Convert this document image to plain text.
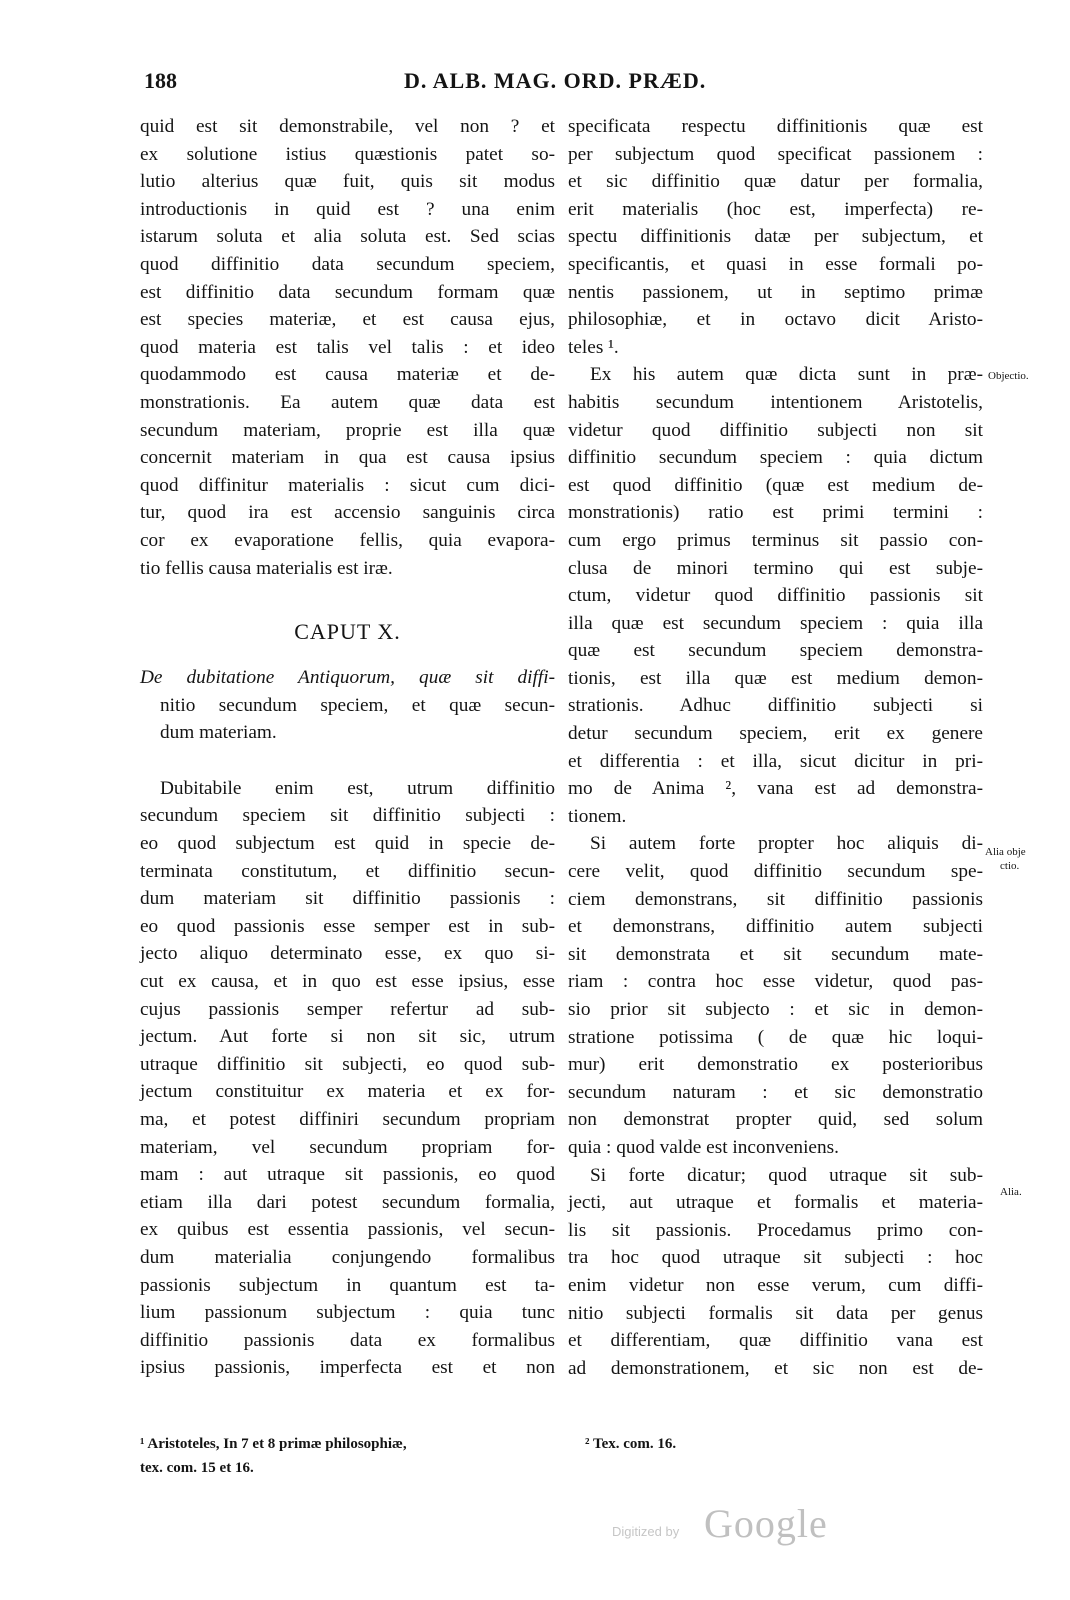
188	D. ALB. MAG. ORD. PRÆD.
quid est sit demonstrabile, vel non ? et
ex solutione istius quæstionis patet so-
lutio alterius quæ fuit, quis sit modus
introductionis in quid est ? una enim
istarum soluta et alia soluta est. Sed scias
quod diffinitio data secundum speciem,
est diffinitio data secundum formam quæ
est species materiæ, et est causa ejus,
quod materia est talis vel talis : et ideo
quodammodo est causa materiæ et de-
monstrationis. Ea autem quæ data est
secundum materiam, proprie est illa quæ
concernit materiam in qua est causa ipsius
quod diffinitur materialis : sicut cum dici-
tur, quod ira est accensio sanguinis circa
cor ex evaporatione fellis, quia evapora-
tio fellis causa materialis est iræ.
CAPUT X.
De dubitatione Antiquorum, quæ sit diffi-
nitio secundum speciem, et quæ secun-
dum materiam.
Dubitabile enim est, utrum diffinitio
secundum speciem sit diffinitio subjecti :
eo quod subjectum est quid in specie de-
terminata constitutum, et diffinitio secun-
dum materiam sit diffinitio passionis :
eo quod passionis esse semper est in sub-
jecto aliquo determinato esse, ex quo si-
cut ex causa, et in quo est esse ipsius, esse
cujus passionis semper refertur ad sub-
jectum. Aut forte si non sit sic, utrum
utraque diffinitio sit subjecti, eo quod sub-
jectum constituitur ex materia et ex for-
ma, et potest diffiniri secundum propriam
materiam, vel secundum propriam for-
mam : aut utraque sit passionis, eo quod
etiam illa dari potest secundum formalia,
ex quibus est essentia passionis, vel secun-
dum materialia conjungendo formalibus
passionis subjectum in quantum est ta-
lium passionum subjectum : quia tunc
diffinitio passionis data ex formalibus
ipsius passionis, imperfecta est et non
specificata respectu diffinitionis quæ est
per subjectum quod specificat passionem :
et sic diffinitio quæ datur per formalia,
erit materialis (hoc est, imperfecta) re-
spectu diffinitionis datæ per subjectum, et
specificantis, et quasi in esse formali po-
nentis passionem, ut in septimo primæ
philosophiæ, et in octavo dicit Aristo-
teles ¹.
Ex his autem quæ dicta sunt in præ-
habitis secundum intentionem Aristotelis,
videtur quod diffinitio subjecti non sit
diffinitio secundum speciem : quia dictum
est quod diffinitio (quæ est medium de-
monstrationis) ratio est primi termini :
cum ergo primus terminus sit passio con-
clusa de minori termino qui est subje-
ctum, videtur quod diffinitio passionis sit
illa quæ est secundum speciem : quia illa
quæ est secundum speciem demonstra-
tionis, est illa quæ est medium demon-
strationis. Adhuc diffinitio subjecti si
detur secundum speciem, erit ex genere
et differentia : et illa, sicut dicitur in pri-
mo de Anima ², vana est ad demonstra-
tionem.
Si autem forte propter hoc aliquis di-
cere velit, quod diffinitio secundum spe-
ciem demonstrans, sit diffinitio passionis
et demonstrans, diffinitio autem subjecti
sit demonstrata et sit secundum mate-
riam : contra hoc esse videtur, quod pas-
sio prior sit subjecto : et sic in demon-
stratione potissima ( de quæ hic loqui-
mur) erit demonstratio ex posterioribus
secundum naturam : et sic demonstratio
non demonstrat propter quid, sed solum
quia : quod valde est inconveniens.
Si forte dicatur; quod utraque sit sub-
jecti, aut utraque et formalis et materia-
lis sit passionis. Procedamus primo con-
tra hoc quod utraque sit subjecti : hoc
enim videtur non esse verum, cum diffi-
nitio subjecti formalis sit data per genus
et differentiam, quæ diffinitio vana est
ad demonstrationem, et sic non est de-
Objectio.
Alia obje
ctio.
Alia.
¹ Aristoteles, In 7 et 8 primæ philosophiæ,
tex. com. 15 et 16.
² Tex. com. 16.
Digitized by Google
